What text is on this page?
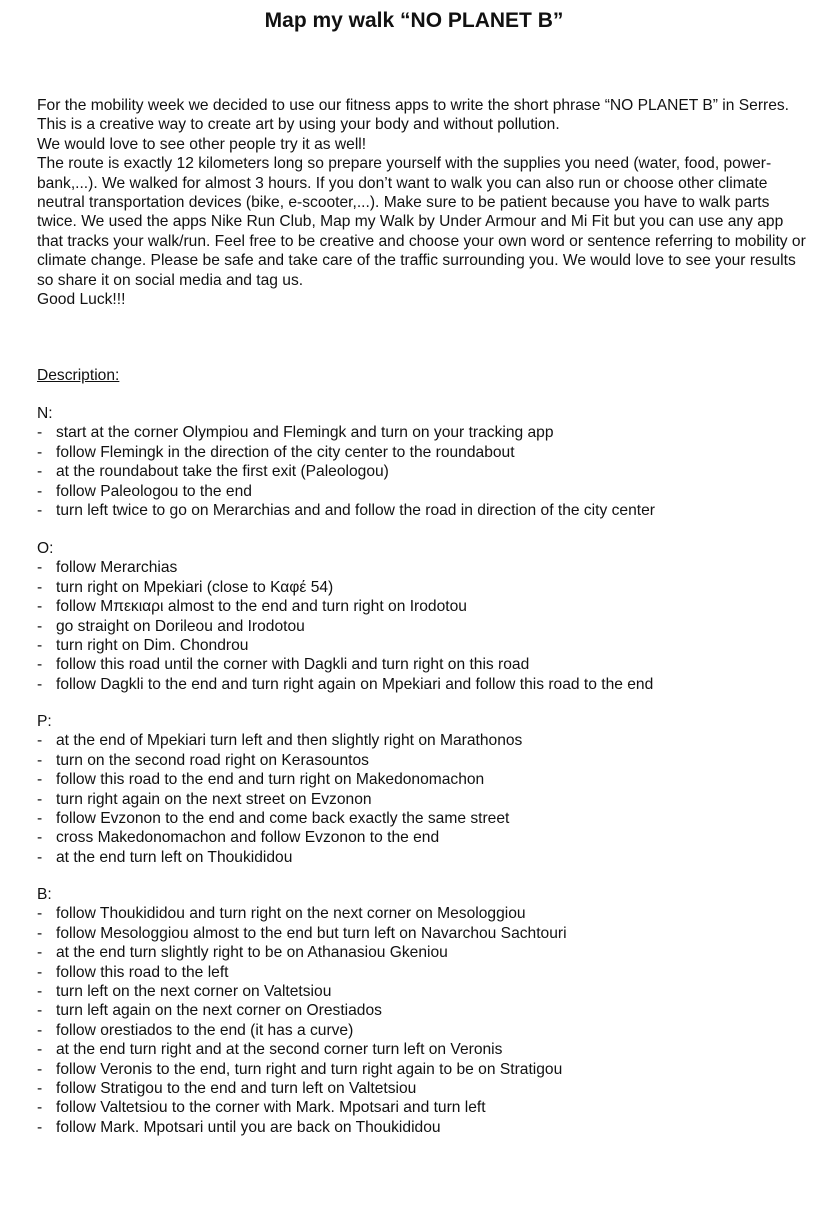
Map my walk “NO PLANET B”

For the mobility week we decided to use our fitness apps to write the short phrase “NO PLANET B” in Serres. This is a creative way to create art by using your body and without pollution.

We would love to see other people try it as well!

The route is exactly 12 kilometers long so prepare yourself with the supplies you need (water, food, power-bank,...). We walked for almost 3 hours. If you don’t want to walk you can also run or choose other climate neutral transportation devices (bike, e-scooter,...). Make sure to be patient because you have to walk parts twice. We used the apps Nike Run Club, Map my Walk by Under Armour and Mi Fit but you can use any app that tracks your walk/run. Feel free to be creative and choose your own word or sentence referring to mobility or climate change. Please be safe and take care of the traffic surrounding you. We would love to see your results so share it on social media and tag us.

Good Luck!!!

Description:

N:

- start at the corner Olympiou and Flemingk and turn on your tracking app
- follow Flemingk in the direction of the city center to the roundabout
- at the roundabout take the first exit (Paleologou)
- follow Paleologou to the end
- turn left twice to go on Merarchias and and follow the road in direction of the city center

O:

- follow Merarchias
- turn right on Mpekiari (close to Καφέ 54)
- follow Μπεκιαρι almost to the end and turn right on Irodotou
- go straight on Dorileou and Irodotou
- turn right on Dim. Chondrou
- follow this road until the corner with Dagkli and turn right on this road
- follow Dagkli to the end and turn right again on Mpekiari and follow this road to the end

P:

- at the end of Mpekiari turn left and then slightly right on Marathonos
- turn on the second road right on Kerasountos
- follow this road to the end and turn right on Makedonomachon
- turn right again on the next street on Evzonon
- follow Evzonon to the end and come back exactly the same street
- cross Makedonomachon and follow Evzonon to the end
- at the end turn left on Thoukididou

B:

- follow Thoukididou and turn right on the next corner on Mesologgiou
- follow Mesologgiou almost to the end but turn left on Navarchou Sachtouri
- at the end turn slightly right to be on Athanasiou Gkeniou
- follow this road to the left
- turn left on the next corner on Valtetsiou
- turn left again on the next corner on Orestiados
- follow orestiados to the end (it has a curve)
- at the end turn right and at the second corner turn left on Veronis
- follow Veronis to the end, turn right and turn right again to be on Stratigou
- follow Stratigou to the end and turn left on Valtetsiou
- follow Valtetsiou to the corner with Mark. Mpotsari and turn left
- follow Mark. Mpotsari until you are back on Thoukididou
